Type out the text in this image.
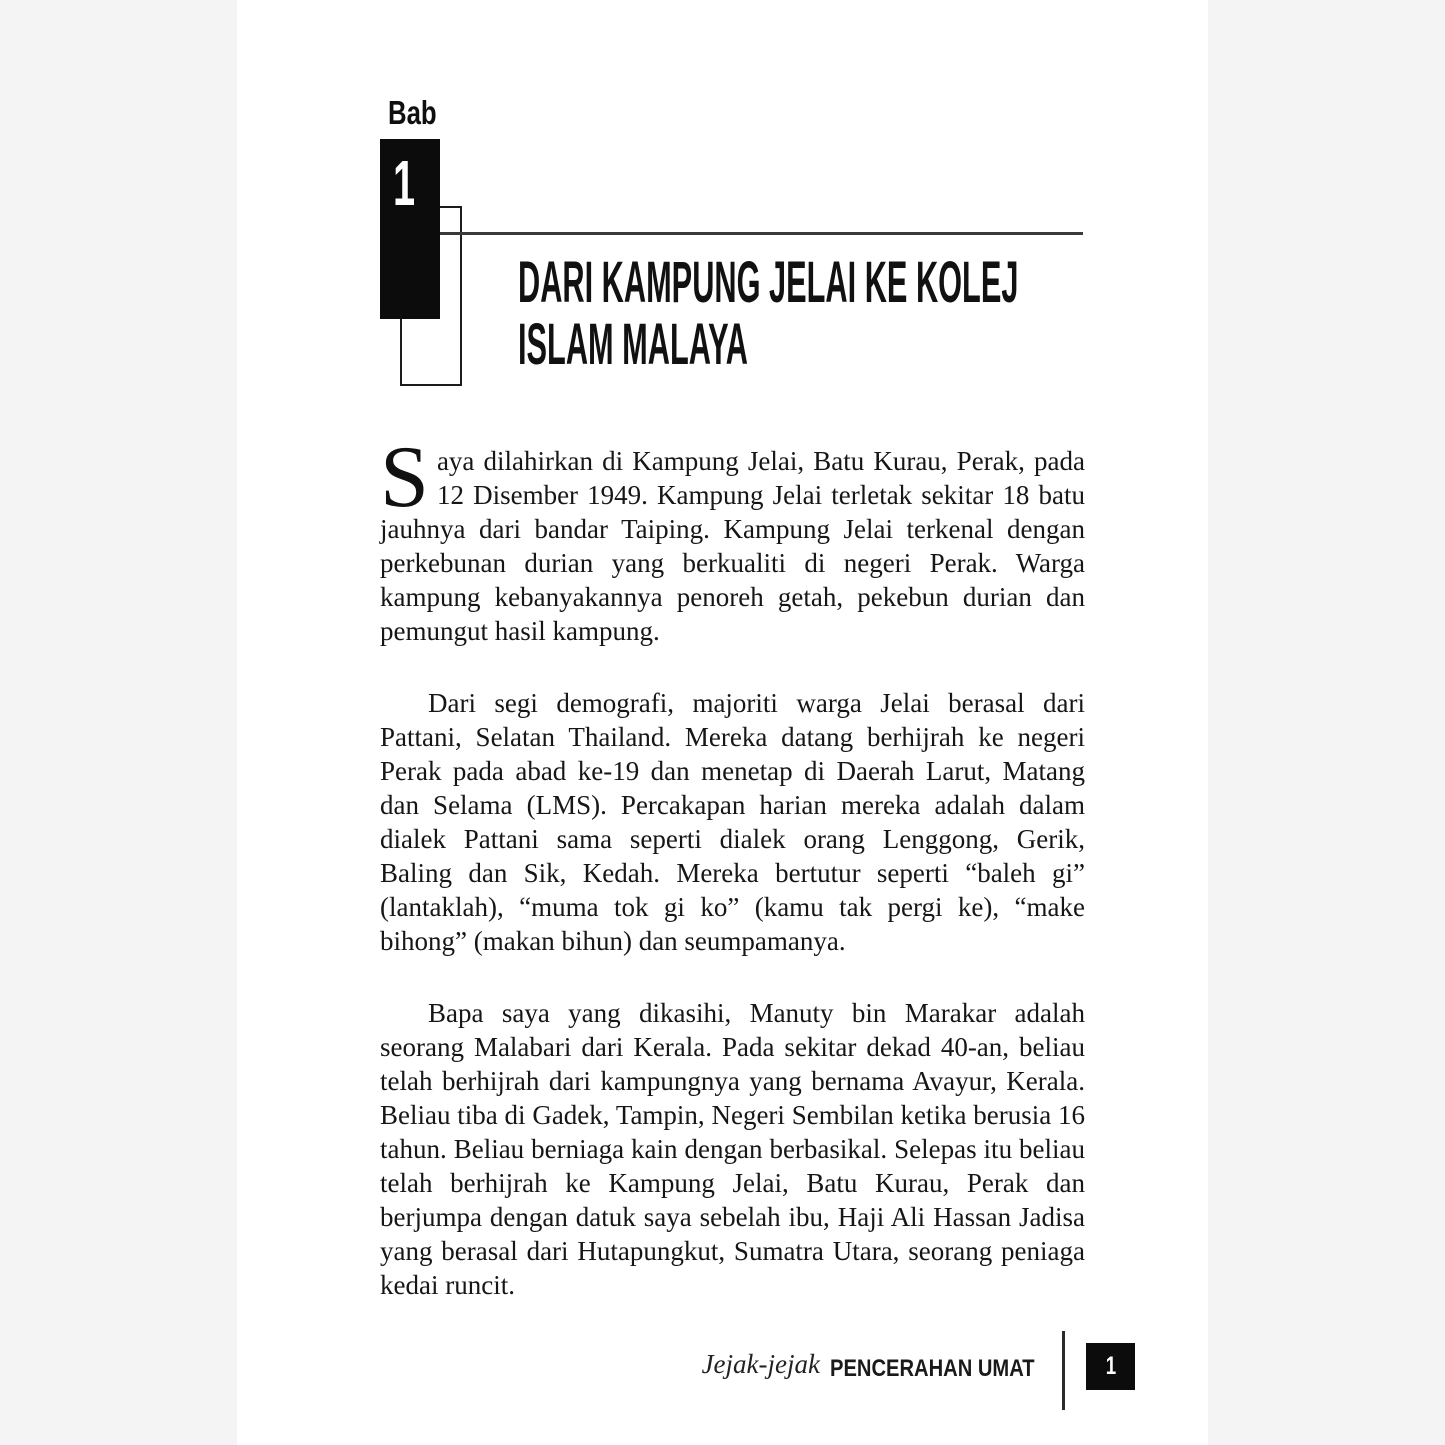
Bab
1
DARI KAMPUNG JELAI KE KOLEJ
ISLAM MALAYA

Saya dilahirkan di Kampung Jelai, Batu Kurau, Perak, pada 12 Disember 1949. Kampung Jelai terletak sekitar 18 batu jauhnya dari bandar Taiping. Kampung Jelai terkenal dengan perkebunan durian yang berkualiti di negeri Perak. Warga kampung kebanyakannya penoreh getah, pekebun durian dan pemungut hasil kampung.

Dari segi demografi, majoriti warga Jelai berasal dari Pattani, Selatan Thailand. Mereka datang berhijrah ke negeri Perak pada abad ke-19 dan menetap di Daerah Larut, Matang dan Selama (LMS). Percakapan harian mereka adalah dalam dialek Pattani sama seperti dialek orang Lenggong, Gerik, Baling dan Sik, Kedah. Mereka bertutur seperti “baleh gi” (lantaklah), “muma tok gi ko” (kamu tak pergi ke), “make bihong” (makan bihun) dan seumpamanya.

Bapa saya yang dikasihi, Manuty bin Marakar adalah seorang Malabari dari Kerala. Pada sekitar dekad 40-an, beliau telah berhijrah dari kampungnya yang bernama Avayur, Kerala. Beliau tiba di Gadek, Tampin, Negeri Sembilan ketika berusia 16 tahun. Beliau berniaga kain dengan berbasikal. Selepas itu beliau telah berhijrah ke Kampung Jelai, Batu Kurau, Perak dan berjumpa dengan datuk saya sebelah ibu, Haji Ali Hassan Jadisa yang berasal dari Hutapungkut, Sumatra Utara, seorang peniaga kedai runcit.

Jejak-jejak PENCERAHAN UMAT	1
